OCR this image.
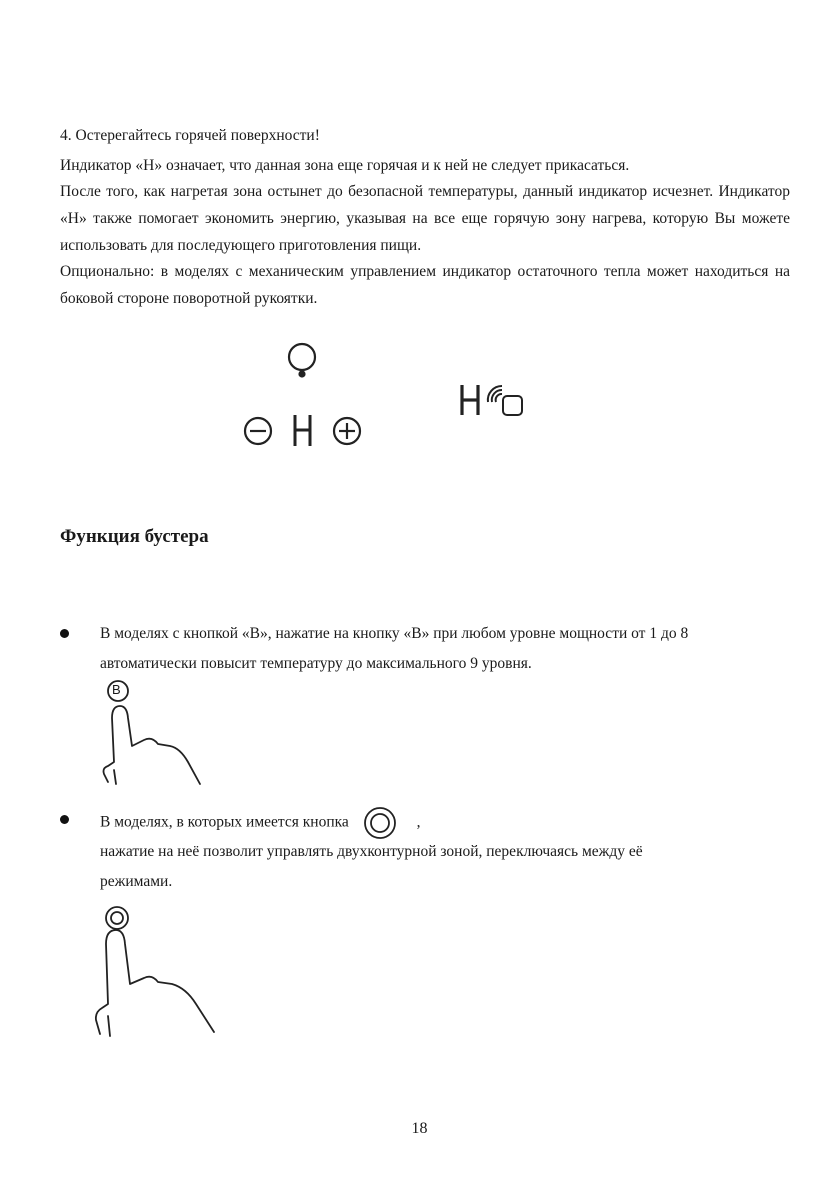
4. Остерегайтесь горячей поверхности!
Индикатор «H» означает, что данная зона еще горячая и к ней не следует прикасаться.
После того, как нагретая зона остынет до безопасной температуры, данный индикатор исчезнет. Индикатор «H» также помогает экономить энергию, указывая на все еще горячую зону нагрева, которую Вы можете использовать для последующего приготовления пищи.
Опционально: в моделях с механическим управлением индикатор остаточного тепла может находиться на боковой стороне поворотной рукоятки.
Функция бустера
В моделях с кнопкой «B», нажатие на кнопку «B» при любом уровне мощности от 1 до 8
автоматически повысит температуру до максимального 9 уровня.
B
В моделях, в которых имеется кнопка	,
нажатие на неё позволит управлять двухконтурной зоной, переключаясь между её
режимами.
18
